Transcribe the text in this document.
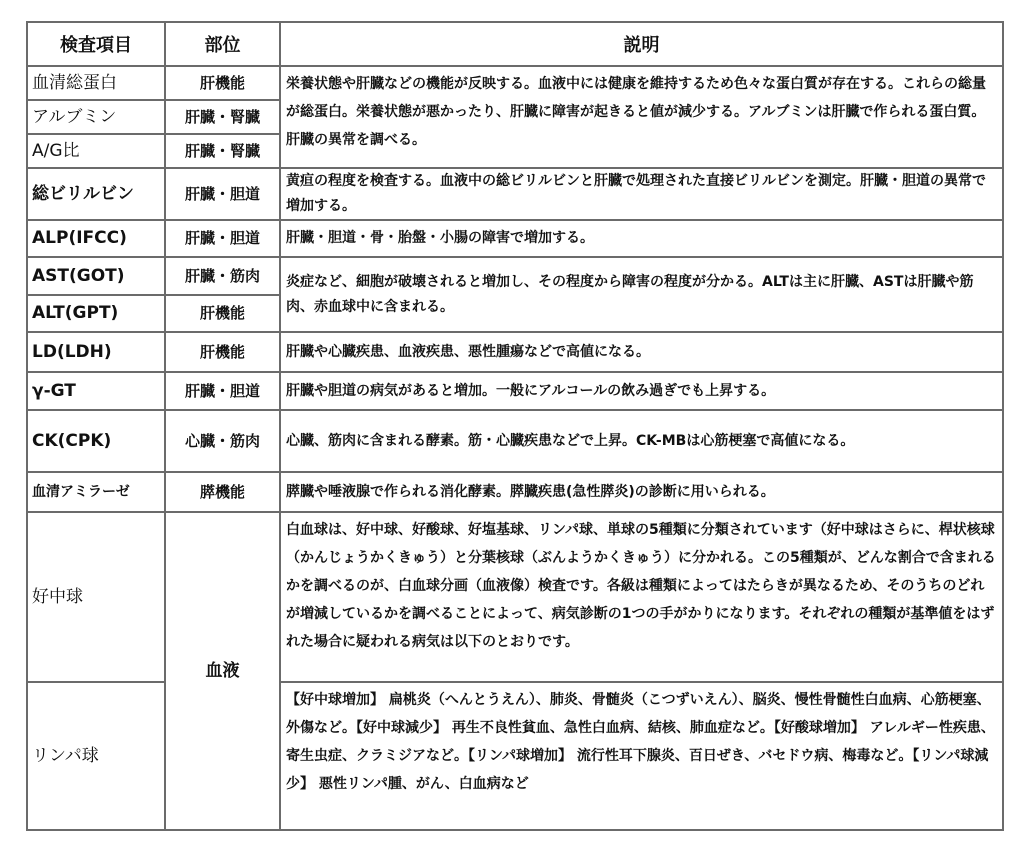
検査項目	部位	説明
血清総蛋白	肝機能	栄養状態や肝臓などの機能が反映する。血液中には健康を維持するため色々な蛋白質が存在する。これらの総量が総蛋白。栄養状態が悪かったり、肝臓に障害が起きると値が減少する。アルブミンは肝臓で作られる蛋白質。肝臓の異常を調べる。
アルブミン	肝臓・腎臓	
A/G比	肝臓・腎臓	
総ビリルビン	肝臓・胆道	黄疸の程度を検査する。血液中の総ビリルビンと肝臓で処理された直接ビリルビンを測定。肝臓・胆道の異常で増加する。
ALP(IFCC)	肝臓・胆道	肝臓・胆道・骨・胎盤・小腸の障害で増加する。
AST(GOT)	肝臓・筋肉	炎症など、細胞が破壊されると増加し、その程度から障害の程度が分かる。ALTは主に肝臓、ASTは肝臓や筋肉、赤血球中に含まれる。
ALT(GPT)	肝機能	
LD(LDH)	肝機能	肝臓や心臓疾患、血液疾患、悪性腫瘍などで高値になる。
γ-GT	肝臓・胆道	肝臓や胆道の病気があると増加。一般にアルコールの飲み過ぎでも上昇する。
CK(CPK)	心臓・筋肉	心臓、筋肉に含まれる酵素。筋・心臓疾患などで上昇。CK-MBは心筋梗塞で高値になる。
血清アミラーゼ	膵機能	膵臓や唾液腺で作られる消化酵素。膵臓疾患(急性膵炎)の診断に用いられる。
好中球	血液	白血球は、好中球、好酸球、好塩基球、リンパ球、単球の5種類に分類されています（好中球はさらに、桿状核球（かんじょうかくきゅう）と分葉核球（ぶんようかくきゅう）に分かれる。この5種類が、どんな割合で含まれるかを調べるのが、白血球分画（血液像）検査です。各級は種類によってはたらきが異なるため、そのうちのどれが増減しているかを調べることによって、病気診断の1つの手がかりになります。それぞれの種類が基準値をはずれた場合に疑われる病気は以下のとおりです。
リンパ球		【好中球増加】 扁桃炎（へんとうえん）、肺炎、骨髄炎（こつずいえん）、脳炎、慢性骨髄性白血病、心筋梗塞、外傷など。【好中球減少】 再生不良性貧血、急性白血病、結核、肺血症など。【好酸球増加】 アレルギー性疾患、寄生虫症、クラミジアなど。【リンパ球増加】 流行性耳下腺炎、百日ぜき、バセドウ病、梅毒など。【リンパ球減少】 悪性リンパ腫、がん、白血病など
